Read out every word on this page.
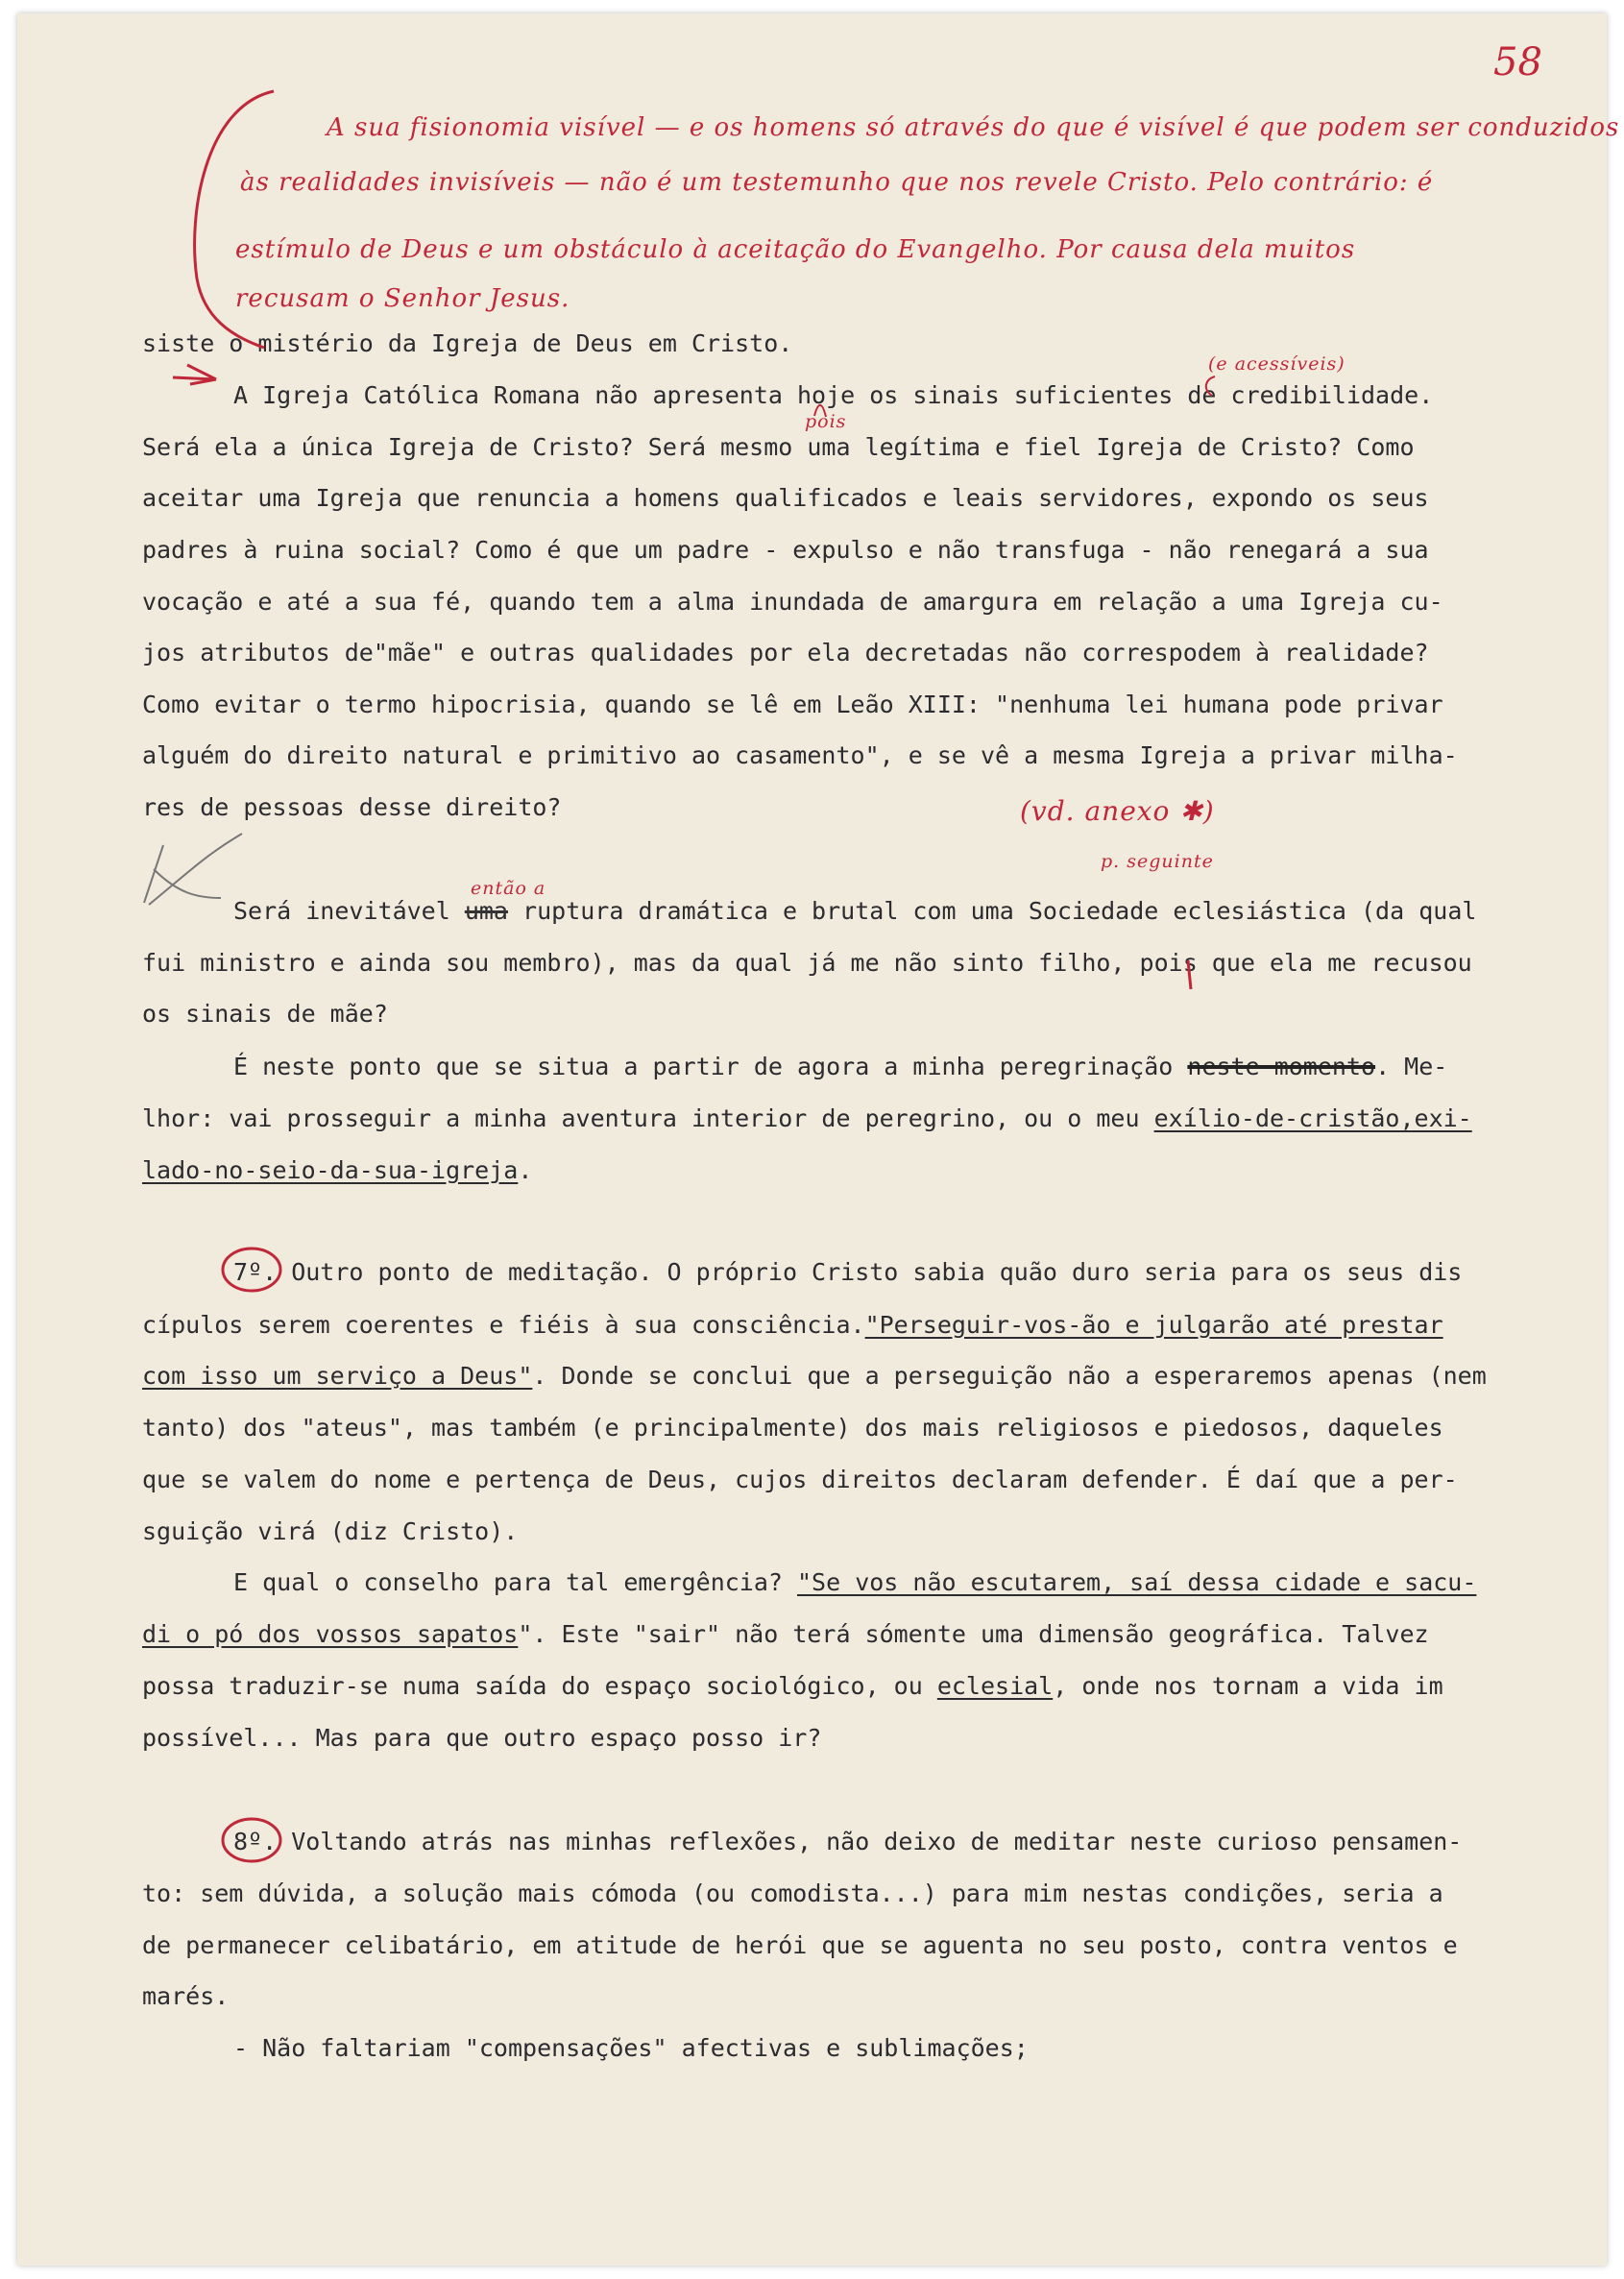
58
A sua fisionomia visível — e os homens só através do que é visível é que podem ser conduzidos
às realidades invisíveis — não é um testemunho que nos revele Cristo. Pelo contrário: é
estímulo de Deus e um obstáculo à aceitação do Evangelho. Por causa dela muitos
recusam o Senhor Jesus.
(e acessíveis)
pois
(vd. anexo ✱)
p. seguinte
então a
siste o mistério da Igreja de Deus em Cristo.
A Igreja Católica Romana não apresenta hoje os sinais suficientes de credibilidade.
Será ela a única Igreja de Cristo? Será mesmo uma legítima e fiel Igreja de Cristo? Como
aceitar uma Igreja que renuncia a homens qualificados e leais servidores, expondo os seus
padres à ruina social? Como é que um padre - expulso e não transfuga - não renegará a sua
vocação e até a sua fé, quando tem a alma inundada de amargura em relação a uma Igreja cu-
jos atributos de"mãe" e outras qualidades por ela decretadas não correspodem à realidade?
Como evitar o termo hipocrisia, quando se lê em Leão XIII: "nenhuma lei humana pode privar
alguém do direito natural e primitivo ao casamento", e se vê a mesma Igreja a privar milha-
res de pessoas desse direito?
Será inevitável uma ruptura dramática e brutal com uma Sociedade eclesiástica (da qual
fui ministro e ainda sou membro), mas da qual já me não sinto filho, pois que ela me recusou
os sinais de mãe?
É neste ponto que se situa a partir de agora a minha peregrinação neste momento. Me-
lhor: vai prosseguir a minha aventura interior de peregrino, ou o meu exílio-de-cristão,exi-
lado-no-seio-da-sua-igreja.
7º. Outro ponto de meditação. O próprio Cristo sabia quão duro seria para os seus dis
cípulos serem coerentes e fiéis à sua consciência."Perseguir-vos-ão e julgarão até prestar
com isso um serviço a Deus". Donde se conclui que a perseguição não a esperaremos apenas (nem
tanto) dos "ateus", mas também (e principalmente) dos mais religiosos e piedosos, daqueles
que se valem do nome e pertença de Deus, cujos direitos declaram defender. É daí que a per-
sguição virá (diz Cristo).
E qual o conselho para tal emergência? "Se vos não escutarem, saí dessa cidade e sacu-
di o pó dos vossos sapatos". Este "sair" não terá sómente uma dimensão geográfica. Talvez
possa traduzir-se numa saída do espaço sociológico, ou eclesial, onde nos tornam a vida im
possível... Mas para que outro espaço posso ir?
8º. Voltando atrás nas minhas reflexões, não deixo de meditar neste curioso pensamen-
to: sem dúvida, a solução mais cómoda (ou comodista...) para mim nestas condições, seria a
de permanecer celibatário, em atitude de herói que se aguenta no seu posto, contra ventos e
marés.
- Não faltariam "compensações" afectivas e sublimações;
